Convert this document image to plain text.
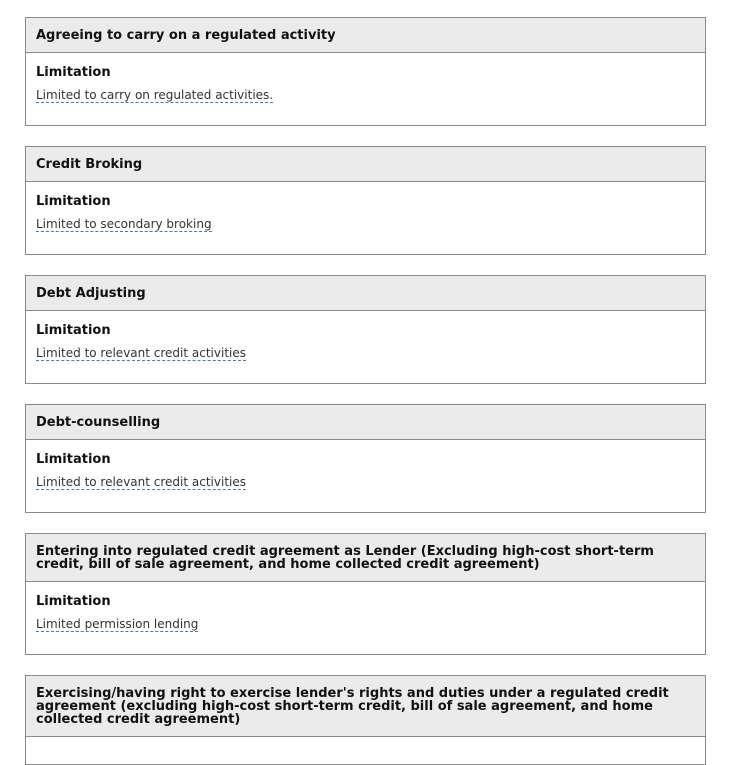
Agreeing to carry on a regulated activity
Limitation
Limited to carry on regulated activities.
Credit Broking
Limitation
Limited to secondary broking
Debt Adjusting
Limitation
Limited to relevant credit activities
Debt-counselling
Limitation
Limited to relevant credit activities
Entering into regulated credit agreement as Lender (Excluding high-cost short-term credit, bill of sale agreement, and home collected credit agreement)
Limitation
Limited permission lending
Exercising/having right to exercise lender's rights and duties under a regulated credit agreement (excluding high-cost short-term credit, bill of sale agreement, and home collected credit agreement)
